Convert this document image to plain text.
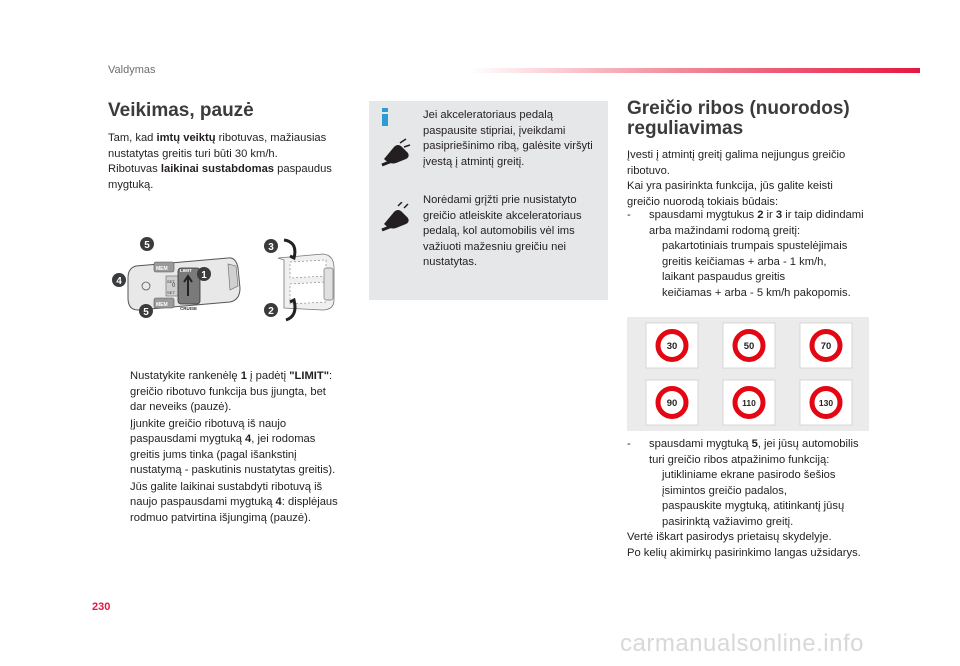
Valdymas
Veikimas, pauzė

Tam, kad imtų veiktų ribotuvas, mažiausias

nustatytas greitis turi būti 30 km/h.

Ribotuvas laikinai sustabdomas paspaudus

mygtuką.

MEM
MEM
SET
SET
LIMIT
CRUISE
0
5
4
1
5
3
2
Nustatykite rankenėlę 1 į padėtį "LIMIT":
greičio ribotuvo funkcija bus įjungta, bet
dar neveiks (pauzė).
Įjunkite greičio ribotuvą iš naujo
paspausdami mygtuką 4, jei rodomas
greitis jums tinka (pagal išankstinį
nustatymą - paskutinis nustatytas greitis).
Jūs galite laikinai sustabdyti ribotuvą iš
naujo paspausdami mygtuką 4: displėjaus
rodmuo patvirtina išjungimą (pauzė).
Jei akceleratoriaus pedalą
paspausite stipriai, įveikdami
pasipriešinimo ribą, galėsite viršyti
įvestą į atmintį greitį.
Norėdami grįžti prie nusistatyto
greičio atleiskite akceleratoriaus
pedalą, kol automobilis vėl ims
važiuoti mažesniu greičiu nei
nustatytas.
Greičio ribos (nuorodos)
reguliavimas
Įvesti į atmintį greitį galima neįjungus greičio
ribotuvo.
Kai yra pasirinkta funkcija, jūs galite keisti
greičio nuorodą tokiais būdais:
- spausdami mygtukus 2 ir 3 ir taip didindami
arba mažindami rodomą greitį:
pakartotiniais trumpais spustelėjimais
greitis keičiamas + arba - 1 km/h,
laikant paspaudus greitis
keičiamas + arba - 5 km/h pakopomis.
30	50	70
90	110	130
- spausdami mygtuką 5, jei jūsų automobilis
turi greičio ribos atpažinimo funkciją:
jutikliniame ekrane pasirodo šešios
įsimintos greičio padalos,
paspauskite mygtuką, atitinkantį jūsų
pasirinktą važiavimo greitį.
Vertė iškart pasirodys prietaisų skydelyje.
Po kelių akimirkų pasirinkimo langas užsidarys.
230
carmanualsonline.info
